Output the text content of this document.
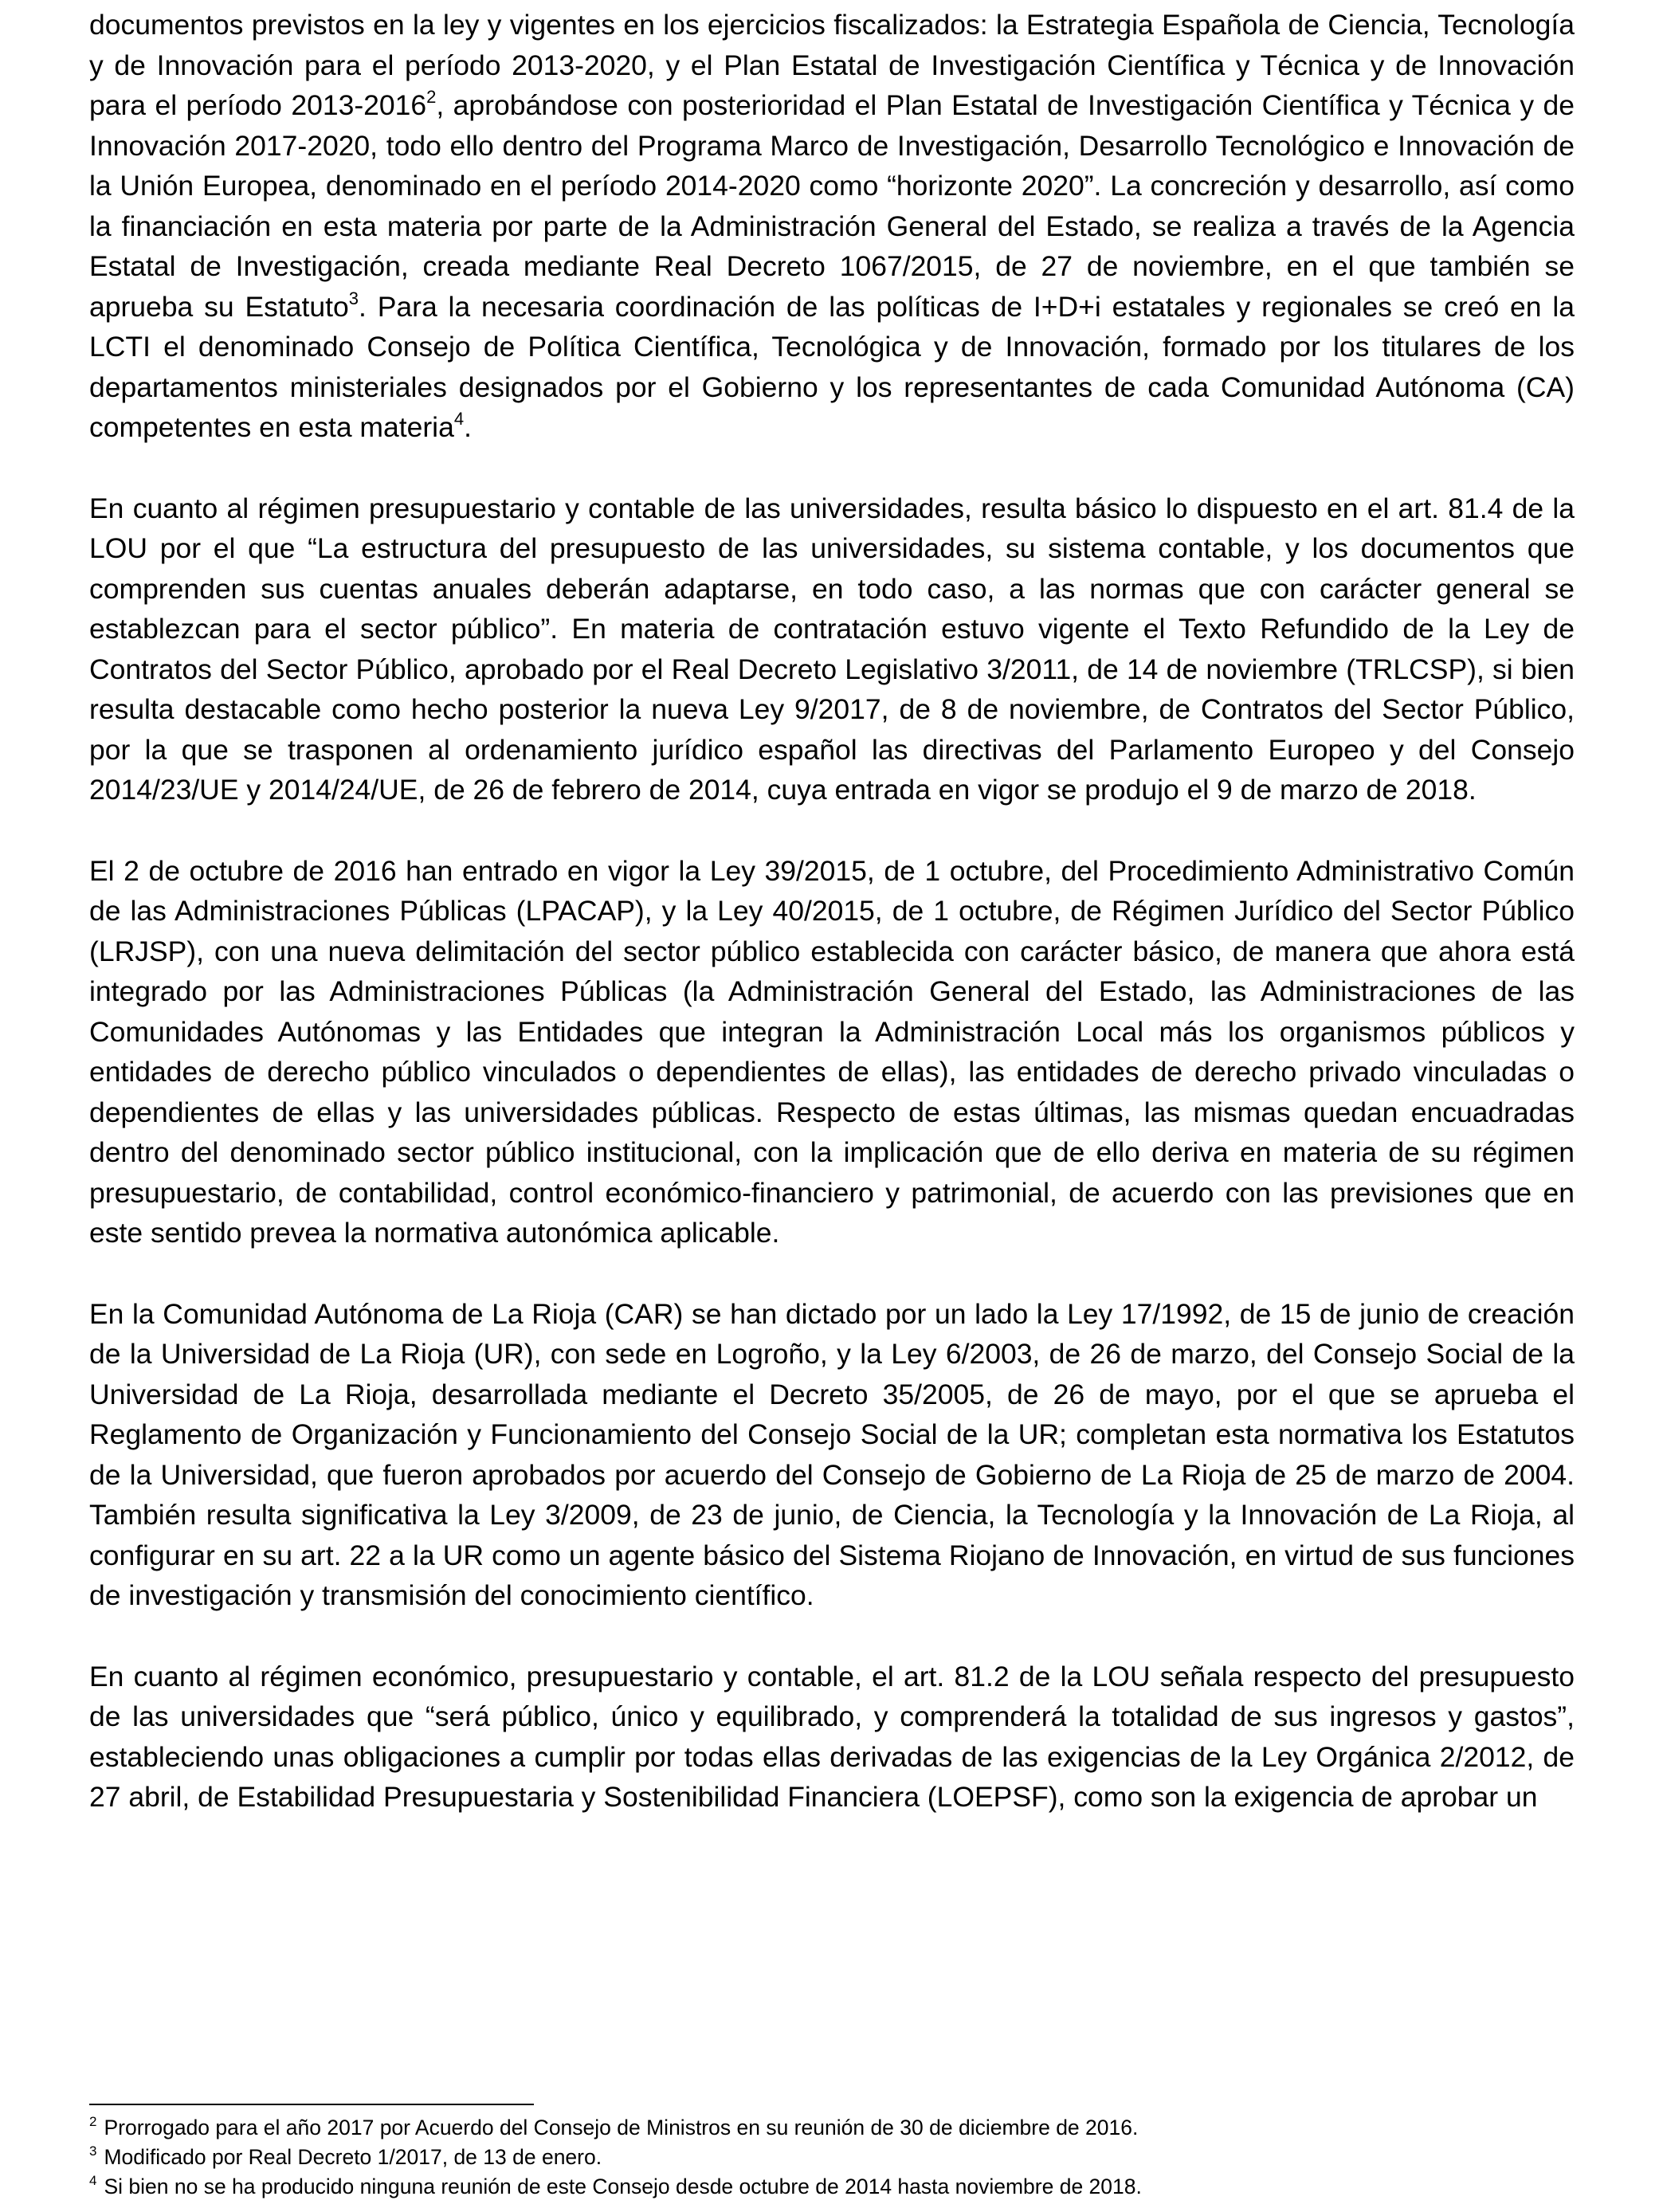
documentos previstos en la ley y vigentes en los ejercicios fiscalizados: la Estrategia Española de Ciencia, Tecnología y de Innovación para el período 2013-2020, y el Plan Estatal de Investigación Científica y Técnica y de Innovación para el período 2013-2016$^2$, aprobándose con posterioridad el Plan Estatal de Investigación Científica y Técnica y de Innovación 2017-2020, todo ello dentro del Programa Marco de Investigación, Desarrollo Tecnológico e Innovación de la Unión Europea, denominado en el período 2014-2020 como “horizonte 2020”. La concreción y desarrollo, así como la financiación en esta materia por parte de la Administración General del Estado, se realiza a través de la Agencia Estatal de Investigación, creada mediante Real Decreto 1067/2015, de 27 de noviembre, en el que también se aprueba su Estatuto$^3$. Para la necesaria coordinación de las políticas de I+D+i estatales y regionales se creó en la LCTI el denominado Consejo de Política Científica, Tecnológica y de Innovación, formado por los titulares de los departamentos ministeriales designados por el Gobierno y los representantes de cada Comunidad Autónoma (CA) competentes en esta materia$^4$.

En cuanto al régimen presupuestario y contable de las universidades, resulta básico lo dispuesto en el art. 81.4 de la LOU por el que “La estructura del presupuesto de las universidades, su sistema contable, y los documentos que comprenden sus cuentas anuales deberán adaptarse, en todo caso, a las normas que con carácter general se establezcan para el sector público”. En materia de contratación estuvo vigente el Texto Refundido de la Ley de Contratos del Sector Público, aprobado por el Real Decreto Legislativo 3/2011, de 14 de noviembre (TRLCSP), si bien resulta destacable como hecho posterior la nueva Ley 9/2017, de 8 de noviembre, de Contratos del Sector Público, por la que se trasponen al ordenamiento jurídico español las directivas del Parlamento Europeo y del Consejo 2014/23/UE y 2014/24/UE, de 26 de febrero de 2014, cuya entrada en vigor se produjo el 9 de marzo de 2018.

El 2 de octubre de 2016 han entrado en vigor la Ley 39/2015, de 1 octubre, del Procedimiento Administrativo Común de las Administraciones Públicas (LPACAP), y la Ley 40/2015, de 1 octubre, de Régimen Jurídico del Sector Público (LRJSP), con una nueva delimitación del sector público establecida con carácter básico, de manera que ahora está integrado por las Administraciones Públicas (la Administración General del Estado, las Administraciones de las Comunidades Autónomas y las Entidades que integran la Administración Local más los organismos públicos y entidades de derecho público vinculados o dependientes de ellas), las entidades de derecho privado vinculadas o dependientes de ellas y las universidades públicas. Respecto de estas últimas, las mismas quedan encuadradas dentro del denominado sector público institucional, con la implicación que de ello deriva en materia de su régimen presupuestario, de contabilidad, control económico-financiero y patrimonial, de acuerdo con las previsiones que en este sentido prevea la normativa autonómica aplicable.

En la Comunidad Autónoma de La Rioja (CAR) se han dictado por un lado la Ley 17/1992, de 15 de junio de creación de la Universidad de La Rioja (UR), con sede en Logroño, y la Ley 6/2003, de 26 de marzo, del Consejo Social de la Universidad de La Rioja, desarrollada mediante el Decreto 35/2005, de 26 de mayo, por el que se aprueba el Reglamento de Organización y Funcionamiento del Consejo Social de la UR; completan esta normativa los Estatutos de la Universidad, que fueron aprobados por acuerdo del Consejo de Gobierno de La Rioja de 25 de marzo de 2004. También resulta significativa la Ley 3/2009, de 23 de junio, de Ciencia, la Tecnología y la Innovación de La Rioja, al configurar en su art. 22 a la UR como un agente básico del Sistema Riojano de Innovación, en virtud de sus funciones de investigación y transmisión del conocimiento científico.

En cuanto al régimen económico, presupuestario y contable, el art. 81.2 de la LOU señala respecto del presupuesto de las universidades que “será público, único y equilibrado, y comprenderá la totalidad de sus ingresos y gastos”, estableciendo unas obligaciones a cumplir por todas ellas derivadas de las exigencias de la Ley Orgánica 2/2012, de 27 abril, de Estabilidad Presupuestaria y Sostenibilidad Financiera (LOEPSF), como son la exigencia de aprobar un

$^2$ Prorrogado para el año 2017 por Acuerdo del Consejo de Ministros en su reunión de 30 de diciembre de 2016.

$^3$ Modificado por Real Decreto 1/2017, de 13 de enero.

$^4$ Si bien no se ha producido ninguna reunión de este Consejo desde octubre de 2014 hasta noviembre de 2018.
